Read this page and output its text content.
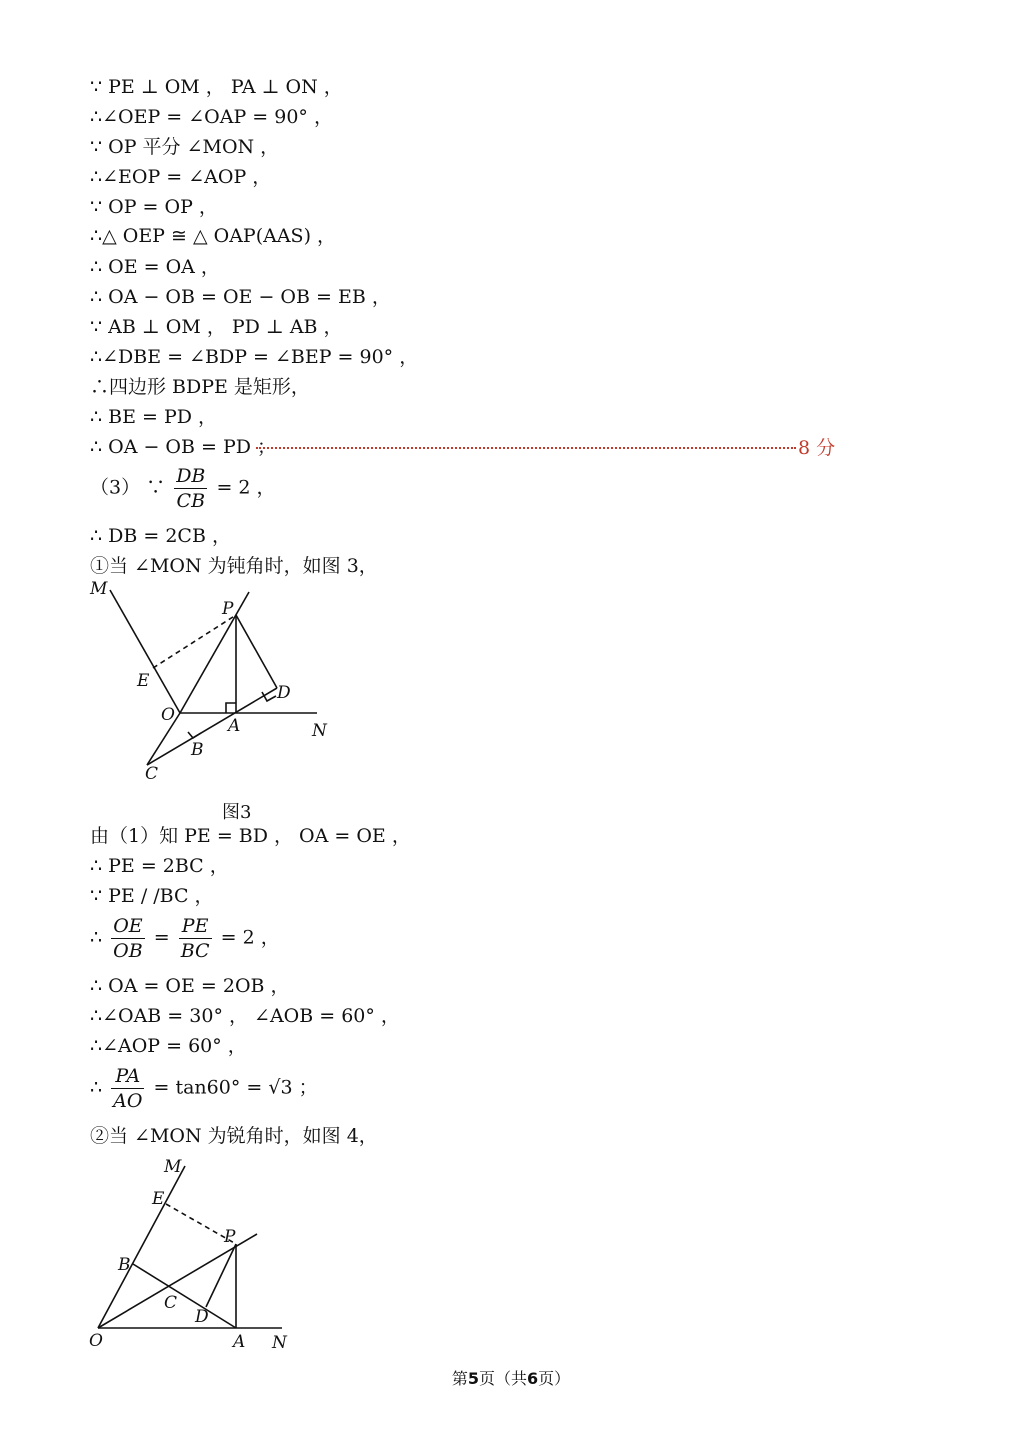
∵ PE ⊥ OM ， PA ⊥ ON ，
∴∠OEP = ∠OAP = 90° ，
∵ OP 平分 ∠MON ，
∴∠EOP = ∠AOP ，
∵ OP = OP ，
∴△ OEP ≅ △ OAP(AAS) ，
∴ OE = OA ，
∴ OA − OB = OE − OB = EB ，
∵ AB ⊥ OM ， PD ⊥ AB ，
∴∠DBE = ∠BDP = ∠BEP = 90° ，
∴四边形 BDPE 是矩形，
∴ BE = PD ，
∴ OA − OB = PD ；	8 分
（3） ∵ $\frac{DB}{CB} = 2$ ，
∴ DB = 2CB ，
①当 ∠MON 为钝角时，如图 3，
M
P
E
D
O
A	N
B
C
图3
由（1）知 PE = BD ， OA = OE ，
∴ PE = 2BC ，
∵ PE / /BC ，
∴ $\frac{OE}{OB} = \frac{PE}{BC} = 2$ ，
∴ OA = OE = 2OB ，
∴∠OAB = 30° ， ∠AOB = 60° ，
∴∠AOP = 60° ，
∴ $\frac{PA}{AO} = \tan 60^\circ = √3$ ；
②当 ∠MON 为锐角时，如图 4，
M
E
P
B
C
D
O	A N
第5页（共6页）
